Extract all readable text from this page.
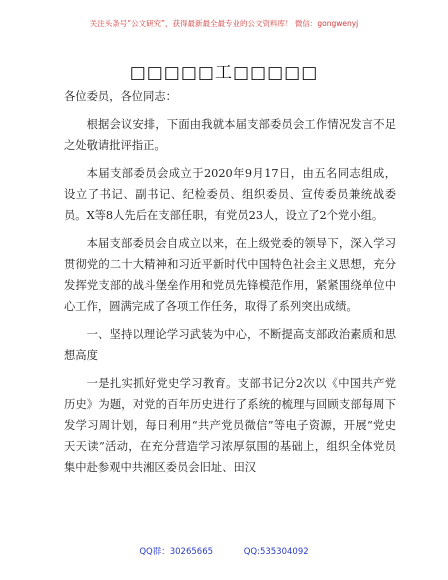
关注头条号“公文研究”，获得最新最全最专业的公文资料库！ 微信：gongwenyj
□□□□□工□□□□□

各位委员，各位同志：

根据会议安排，下面由我就本届支部委员会工作情况发言不足之处敬请批评指正。

本届支部委员会成立于2020年9月17日，由五名同志组成，设立了书记、副书记、纪检委员、组织委员、宣传委员兼统战委员。X等8人先后在支部任职，有党员23人，设立了2个党小组。

本届支部委员会自成立以来，在上级党委的领导下，深入学习贯彻党的二十大精神和习近平新时代中国特色社会主义思想，充分发挥党支部的战斗堡垒作用和党员先锋模范作用，紧紧围绕单位中心工作，圆满完成了各项工作任务，取得了系列突出成绩。

一、坚持以理论学习武装为中心，不断提高支部政治素质和思想高度

一是扎实抓好党史学习教育。支部书记分2次以《中国共产党历史》为题，对党的百年历史进行了系统的梳理与回顾支部每周下发学习周计划，每日利用“共产党员微信”等电子资源，开展“党史天天读”活动，在充分营造学习浓厚氛围的基础上，组织全体党员集中赴参观中共湘区委员会旧址、田汉

QQ群：30265665	QQ:535304092
